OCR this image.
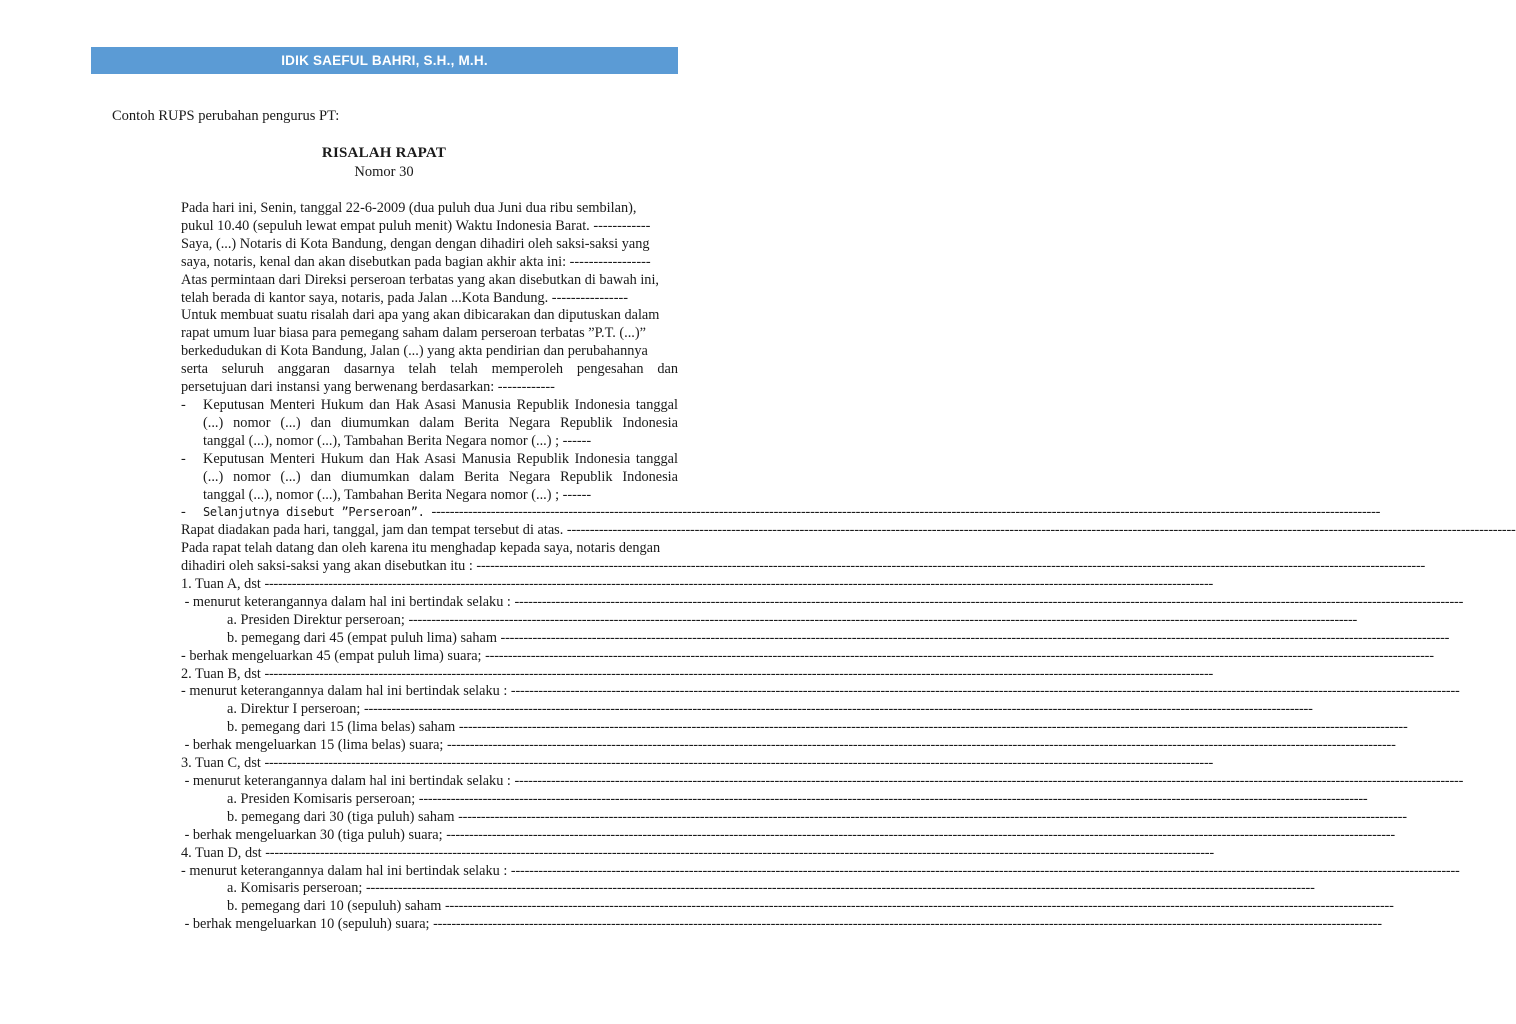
IDIK SAEFUL BAHRI, S.H., M.H.
Contoh RUPS perubahan pengurus PT:
RISALAH RAPAT
Nomor 30
Pada hari ini, Senin, tanggal 22-6-2009 (dua puluh dua Juni dua ribu sembilan),
pukul 10.40 (sepuluh lewat empat puluh menit) Waktu Indonesia Barat. ------------
Saya, (...) Notaris di Kota Bandung, dengan dengan dihadiri oleh saksi-saksi yang
saya, notaris, kenal dan akan disebutkan pada bagian akhir akta ini: -----------------
Atas permintaan dari Direksi perseroan terbatas yang akan disebutkan di bawah ini,
telah berada di kantor saya, notaris, pada Jalan ...Kota Bandung. ----------------
Untuk membuat suatu risalah dari apa yang akan dibicarakan dan diputuskan dalam
rapat umum luar biasa para pemegang saham dalam perseroan terbatas ”P.T. (...)”
berkedudukan di Kota Bandung, Jalan (...) yang akta pendirian dan perubahannya
serta seluruh anggaran dasarnya telah telah memperoleh pengesahan dan
persetujuan dari instansi yang berwenang berdasarkan: ------------
-	Keputusan Menteri Hukum dan Hak Asasi Manusia Republik Indonesia tanggal
(...) nomor (...) dan diumumkan dalam Berita Negara Republik Indonesia
tanggal (...), nomor (...), Tambahan Berita Negara nomor (...) ; ------
-	Keputusan Menteri Hukum dan Hak Asasi Manusia Republik Indonesia tanggal
(...) nomor (...) dan diumumkan dalam Berita Negara Republik Indonesia
tanggal (...), nomor (...), Tambahan Berita Negara nomor (...) ; ------
-	Selanjutnya disebut ”Perseroan”. ----------------------------------------------------------------------------------------------------------------------------------------------------------------------------------------------------------------
Rapat diadakan pada hari, tanggal, jam dan tempat tersebut di atas. ----------------------------------------------------------------------------------------------------------------------------------------------------------------------------------------------------------------
Pada rapat telah datang dan oleh karena itu menghadap kepada saya, notaris dengan
dihadiri oleh saksi-saksi yang akan disebutkan itu : ----------------------------------------------------------------------------------------------------------------------------------------------------------------------------------------------------------------
1. Tuan A, dst ----------------------------------------------------------------------------------------------------------------------------------------------------------------------------------------------------------------
- menurut keterangannya dalam hal ini bertindak selaku : ----------------------------------------------------------------------------------------------------------------------------------------------------------------------------------------------------------------
a. Presiden Direktur perseroan; ----------------------------------------------------------------------------------------------------------------------------------------------------------------------------------------------------------------
b. pemegang dari 45 (empat puluh lima) saham ----------------------------------------------------------------------------------------------------------------------------------------------------------------------------------------------------------------
- berhak mengeluarkan 45 (empat puluh lima) suara; ----------------------------------------------------------------------------------------------------------------------------------------------------------------------------------------------------------------
2. Tuan B, dst ----------------------------------------------------------------------------------------------------------------------------------------------------------------------------------------------------------------
- menurut keterangannya dalam hal ini bertindak selaku : ----------------------------------------------------------------------------------------------------------------------------------------------------------------------------------------------------------------
a. Direktur I perseroan; ----------------------------------------------------------------------------------------------------------------------------------------------------------------------------------------------------------------
b. pemegang dari 15 (lima belas) saham ----------------------------------------------------------------------------------------------------------------------------------------------------------------------------------------------------------------
- berhak mengeluarkan 15 (lima belas) suara; ----------------------------------------------------------------------------------------------------------------------------------------------------------------------------------------------------------------
3. Tuan C, dst ----------------------------------------------------------------------------------------------------------------------------------------------------------------------------------------------------------------
- menurut keterangannya dalam hal ini bertindak selaku : ----------------------------------------------------------------------------------------------------------------------------------------------------------------------------------------------------------------
a. Presiden Komisaris perseroan; ----------------------------------------------------------------------------------------------------------------------------------------------------------------------------------------------------------------
b. pemegang dari 30 (tiga puluh) saham ----------------------------------------------------------------------------------------------------------------------------------------------------------------------------------------------------------------
- berhak mengeluarkan 30 (tiga puluh) suara; ----------------------------------------------------------------------------------------------------------------------------------------------------------------------------------------------------------------
4. Tuan D, dst ----------------------------------------------------------------------------------------------------------------------------------------------------------------------------------------------------------------
- menurut keterangannya dalam hal ini bertindak selaku : ----------------------------------------------------------------------------------------------------------------------------------------------------------------------------------------------------------------
a. Komisaris perseroan; ----------------------------------------------------------------------------------------------------------------------------------------------------------------------------------------------------------------
b. pemegang dari 10 (sepuluh) saham ----------------------------------------------------------------------------------------------------------------------------------------------------------------------------------------------------------------
- berhak mengeluarkan 10 (sepuluh) suara; ----------------------------------------------------------------------------------------------------------------------------------------------------------------------------------------------------------------
